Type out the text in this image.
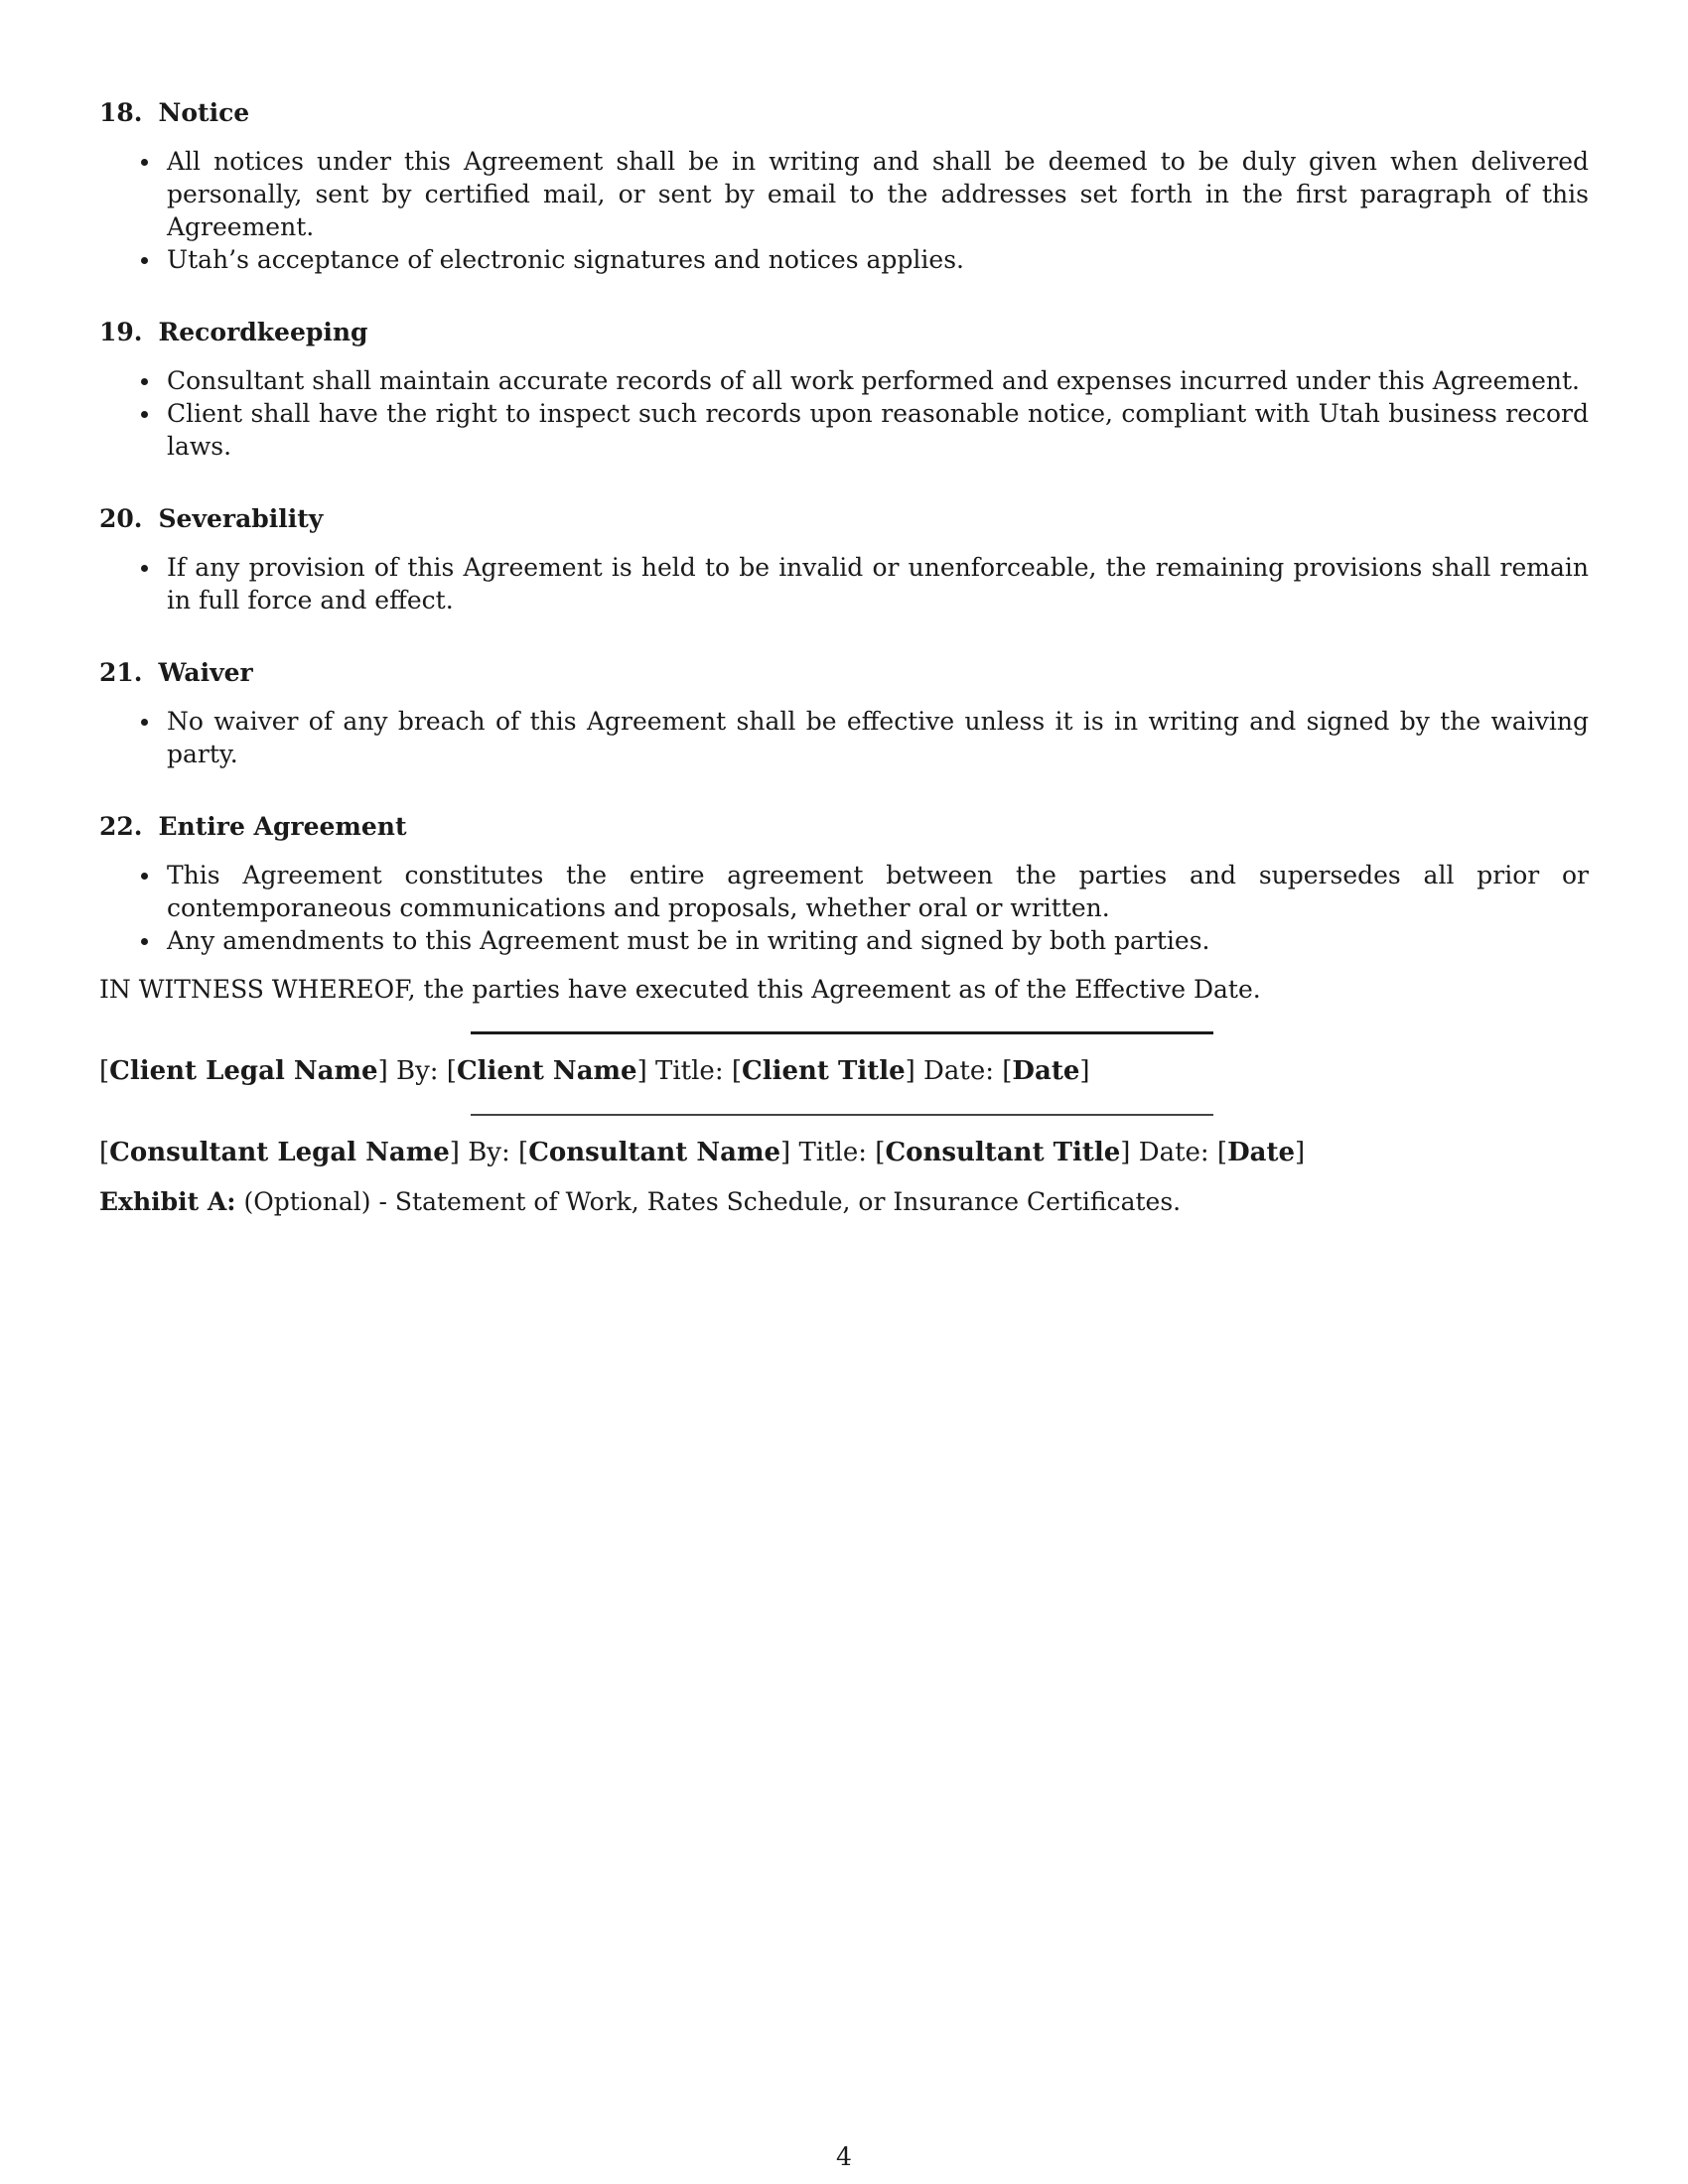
18. Notice
All notices under this Agreement shall be in writing and shall be deemed to be duly given when delivered personally, sent by certified mail, or sent by email to the addresses set forth in the first paragraph of this Agreement.
Utah’s acceptance of electronic signatures and notices applies.
19. Recordkeeping
Consultant shall maintain accurate records of all work performed and expenses incurred under this Agreement.
Client shall have the right to inspect such records upon reasonable notice, compliant with Utah business record laws.
20. Severability
If any provision of this Agreement is held to be invalid or unenforceable, the remaining provisions shall remain in full force and effect.
21. Waiver
No waiver of any breach of this Agreement shall be effective unless it is in writing and signed by the waiving party.
22. Entire Agreement
This Agreement constitutes the entire agreement between the parties and supersedes all prior or contemporaneous communications and proposals, whether oral or written.
Any amendments to this Agreement must be in writing and signed by both parties.

IN WITNESS WHEREOF, the parties have executed this Agreement as of the Effective Date.

[Client Legal Name] By: [Client Name] Title: [Client Title] Date: [Date]
[Consultant Legal Name] By: [Consultant Name] Title: [Consultant Title] Date: [Date]

Exhibit A: (Optional) - Statement of Work, Rates Schedule, or Insurance Certificates.

4
